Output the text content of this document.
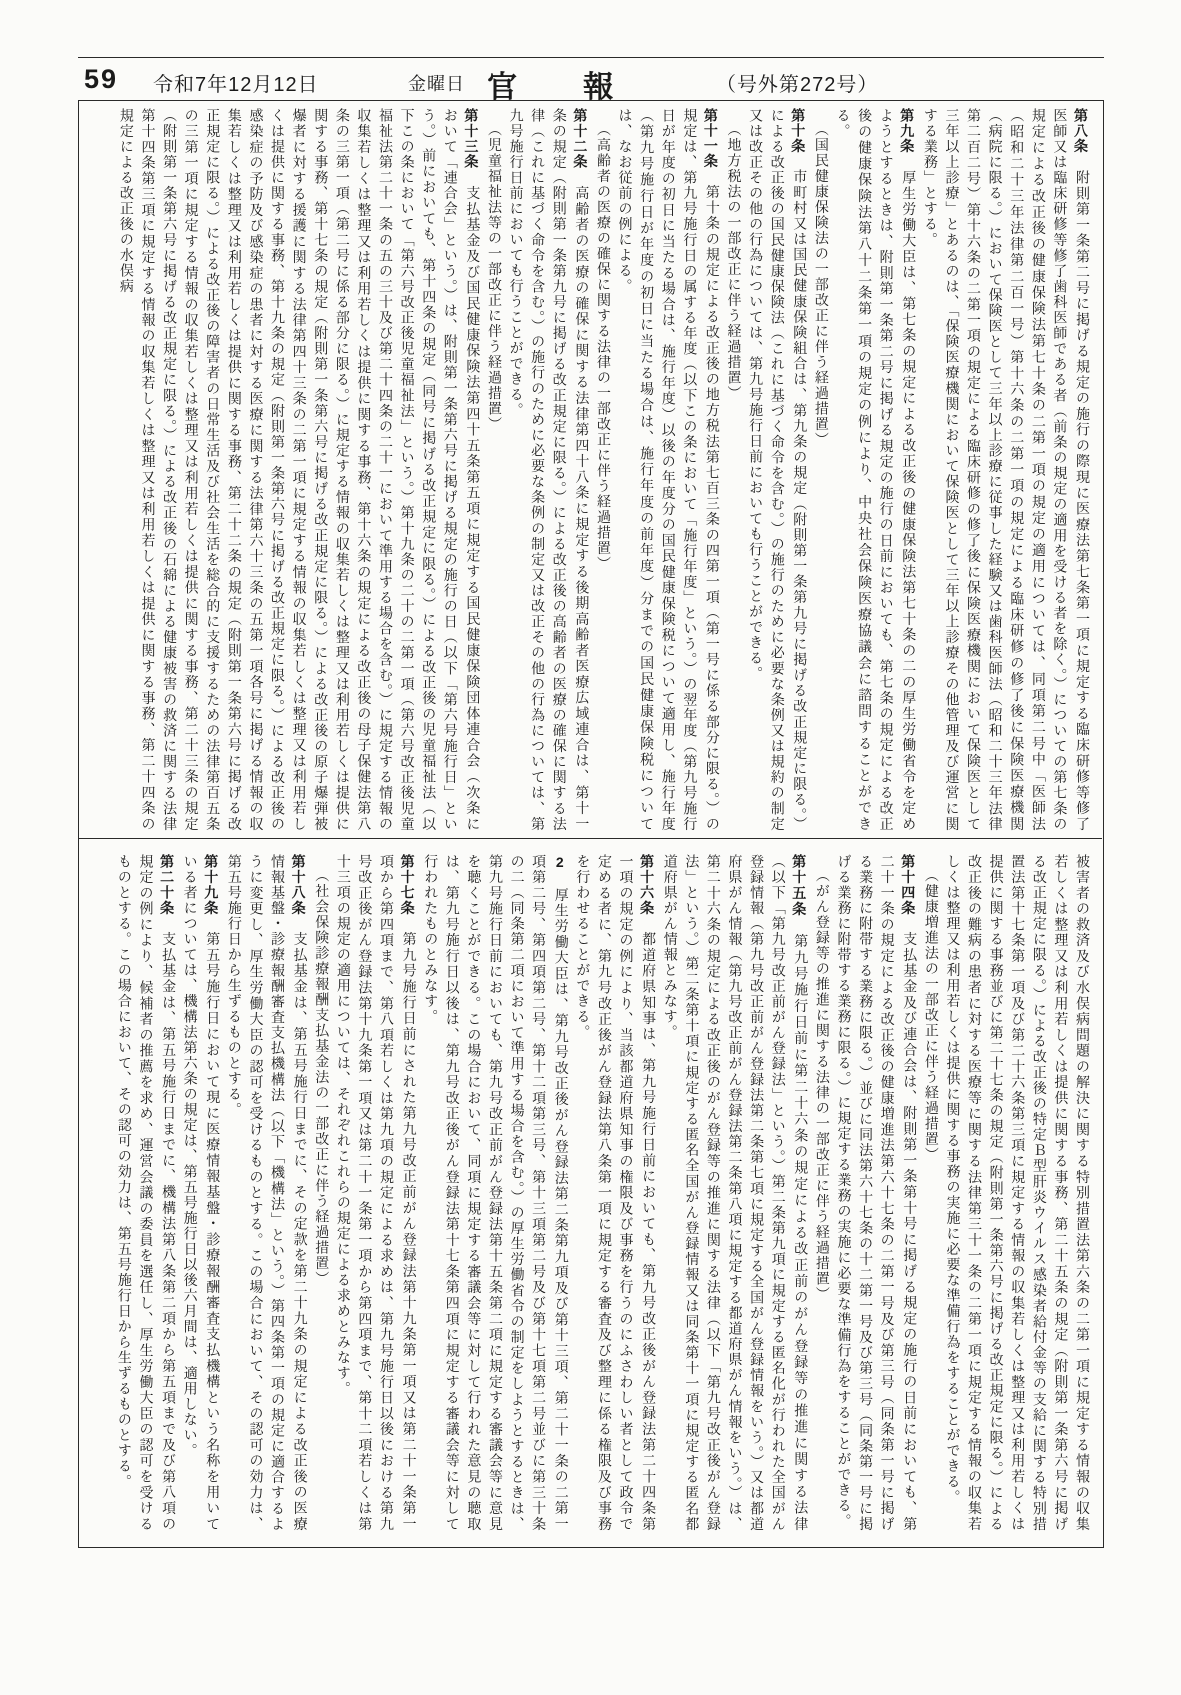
59 令和7年12月12日	金曜日 官報 （号外第272号）

第八条　附則第一条第二号に掲げる規定の施行の際現に医療法第七条第一項に規定する臨床研修等修了医師又は臨床研修等修了歯科医師である者（前条の規定の適用を受ける者を除く。）についての第七条の規定による改正後の健康保険法第七十条の二第一項の規定の適用については、同項第二号中「医師法（昭和二十三年法律第二百一号）第十六条の二第一項の規定による臨床研修の修了後に保険医療機関（病院に限る。）において保険医として三年以上診療に従事した経験又は歯科医師法（昭和二十三年法律第二百二号）第十六条の二第一項の規定による臨床研修の修了後に保険医療機関において保険医として三年以上診療」とあるのは、「保険医療機関において保険医として三年以上診療その他管理及び運営に関する業務」とする。

第九条　厚生労働大臣は、第七条の規定による改正後の健康保険法第七十条の二の厚生労働省令を定めようとするときは、附則第一条第二号に掲げる規定の施行の日前においても、第七条の規定による改正後の健康保険法第八十二条第一項の規定の例により、中央社会保険医療協議会に諮問することができる。

（国民健康保険法の一部改正に伴う経過措置）

第十条　市町村又は国民健康保険組合は、第九条の規定（附則第一条第九号に掲げる改正規定に限る。）による改正後の国民健康保険法（これに基づく命令を含む。）の施行のために必要な条例又は規約の制定又は改正その他の行為については、第九号施行日前においても行うことができる。

（地方税法の一部改正に伴う経過措置）

第十一条　第十条の規定による改正後の地方税法第七百三条の四第一項（第一号に係る部分に限る。）の規定は、第九号施行日の属する年度（以下この条において「施行年度」という。）の翌年度（第九号施行日が年度の初日に当たる場合は、施行年度）以後の年度分の国民健康保険税について適用し、施行年度（第九号施行日が年度の初日に当たる場合は、施行年度の前年度）分までの国民健康保険税については、なお従前の例による。

（高齢者の医療の確保に関する法律の一部改正に伴う経過措置）

第十二条　高齢者の医療の確保に関する法律第四十八条に規定する後期高齢者医療広域連合は、第十一条の規定（附則第一条第九号に掲げる改正規定に限る。）による改正後の高齢者の医療の確保に関する法律（これに基づく命令を含む。）の施行のために必要な条例の制定又は改正その他の行為については、第九号施行日前においても行うことができる。

（児童福祉法等の一部改正に伴う経過措置）

第十三条　支払基金及び国民健康保険法第四十五条第五項に規定する国民健康保険団体連合会（次条において「連合会」という。）は、附則第一条第六号に掲げる規定の施行の日（以下「第六号施行日」という。）前においても、第十四条の規定（同号に掲げる改正規定に限る。）による改正後の児童福祉法（以下この条において「第六号改正後児童福祉法」という。）第十九条の二十の二第一項（第六号改正後児童福祉法第二十一条の五の三十及び第二十四条の二十一において準用する場合を含む。）に規定する情報の収集若しくは整理又は利用若しくは提供に関する事務、第十六条の規定による改正後の母子保健法第八条の三第一項（第二号に係る部分に限る。）に規定する情報の収集若しくは整理又は利用若しくは提供に関する事務、第十七条の規定（附則第一条第六号に掲げる改正規定に限る。）による改正後の原子爆弾被爆者に対する援護に関する法律第四十三条の二第一項に規定する情報の収集若しくは整理又は利用若しくは提供に関する事務、第十九条の規定（附則第一条第六号に掲げる改正規定に限る。）による改正後の感染症の予防及び感染症の患者に対する医療に関する法律第六十三条の五第一項各号に掲げる情報の収集若しくは整理又は利用若しくは提供に関する事務、第二十二条の規定（附則第一条第六号に掲げる改正規定に限る。）による改正後の障害者の日常生活及び社会生活を総合的に支援するための法律第百五条の三第一項に規定する情報の収集若しくは整理又は利用若しくは提供に関する事務、第二十三条の規定（附則第一条第六号に掲げる改正規定に限る。）による改正後の石綿による健康被害の救済に関する法律第十四条第三項に規定する情報の収集若しくは整理又は利用若しくは提供に関する事務、第二十四条の規定による改正後の水俣病

被害者の救済及び水俣病問題の解決に関する特別措置法第六条の二第一項に規定する情報の収集若しくは整理又は利用若しくは提供に関する事務、第二十五条の規定（附則第一条第六号に掲げる改正規定に限る。）による改正後の特定Ｂ型肝炎ウイルス感染者給付金等の支給に関する特別措置法第十七条第一項及び第二十六条第三項に規定する情報の収集若しくは整理又は利用若しくは提供に関する事務並びに第二十七条の規定（附則第一条第六号に掲げる改正規定に限る。）による改正後の難病の患者に対する医療等に関する法律第三十一条の二第一項に規定する情報の収集若しくは整理又は利用若しくは提供に関する事務の実施に必要な準備行為をすることができる。

（健康増進法の一部改正に伴う経過措置）

第十四条　支払基金及び連合会は、附則第一条第十号に掲げる規定の施行の日前においても、第二十一条の規定による改正後の健康増進法第六十七条の二第一号及び第三号（同条第一号に掲げる業務に附帯する業務に限る。）並びに同法第六十七条の十二第一号及び第三号（同条第一号に掲げる業務に附帯する業務に限る。）に規定する業務の実施に必要な準備行為をすることができる。

（がん登録等の推進に関する法律の一部改正に伴う経過措置）

第十五条　第九号施行日前に第二十六条の規定による改正前のがん登録等の推進に関する法律（以下「第九号改正前がん登録法」という。）第二条第九項に規定する匿名化が行われた全国がん登録情報（第九号改正前がん登録法第二条第七項に規定する全国がん登録情報をいう。）又は都道府県がん情報（第九号改正前がん登録法第二条第八項に規定する都道府県がん情報をいう。）は、第二十六条の規定による改正後のがん登録等の推進に関する法律（以下「第九号改正後がん登録法」という。）第二条第十項に規定する匿名全国がん登録情報又は同条第十一項に規定する匿名都道府県がん情報とみなす。

第十六条　都道府県知事は、第九号施行日前においても、第九号改正後がん登録法第二十四条第一項の規定の例により、当該都道府県知事の権限及び事務を行うのにふさわしい者として政令で定める者に、第九号改正後がん登録法第八条第一項に規定する審査及び整理に係る権限及び事務を行わせることができる。

2　厚生労働大臣は、第九号改正後がん登録法第二条第九項及び第十三項、第二十一条の二第一項第二号、第四項第二号、第十二項第三号、第十三項第二号及び第十七項第二号並びに第三十条の二（同条第二項において準用する場合を含む。）の厚生労働省令の制定をしようとするときは、第九号施行日前においても、第九号改正前がん登録法第十五条第二項に規定する審議会等に意見を聴くことができる。この場合において、同項に規定する審議会等に対して行われた意見の聴取は、第九号施行日以後は、第九号改正後がん登録法第十七条第四項に規定する審議会等に対して行われたものとみなす。

第十七条　第九号施行日前にされた第九号改正前がん登録法第十九条第一項又は第二十一条第一項から第四項まで、第八項若しくは第九項の規定による求めは、第九号施行日以後における第九号改正後がん登録法第十九条第一項又は第二十一条第一項から第四項まで、第十二項若しくは第十三項の規定の適用については、それぞれこれらの規定による求めとみなす。

（社会保険診療報酬支払基金法の一部改正に伴う経過措置）

第十八条　支払基金は、第五号施行日までに、その定款を第二十九条の規定による改正後の医療情報基盤・診療報酬審査支払機構法（以下「機構法」という。）第四条第一項の規定に適合するように変更し、厚生労働大臣の認可を受けるものとする。この場合において、その認可の効力は、第五号施行日から生ずるものとする。

第十九条　第五号施行日において現に医療情報基盤・診療報酬審査支払機構という名称を用いている者については、機構法第六条の規定は、第五号施行日以後六月間は、適用しない。

第二十条　支払基金は、第五号施行日までに、機構法第八条第二項から第五項まで及び第八項の規定の例により、候補者の推薦を求め、運営会議の委員を選任し、厚生労働大臣の認可を受けるものとする。この場合において、その認可の効力は、第五号施行日から生ずるものとする。
